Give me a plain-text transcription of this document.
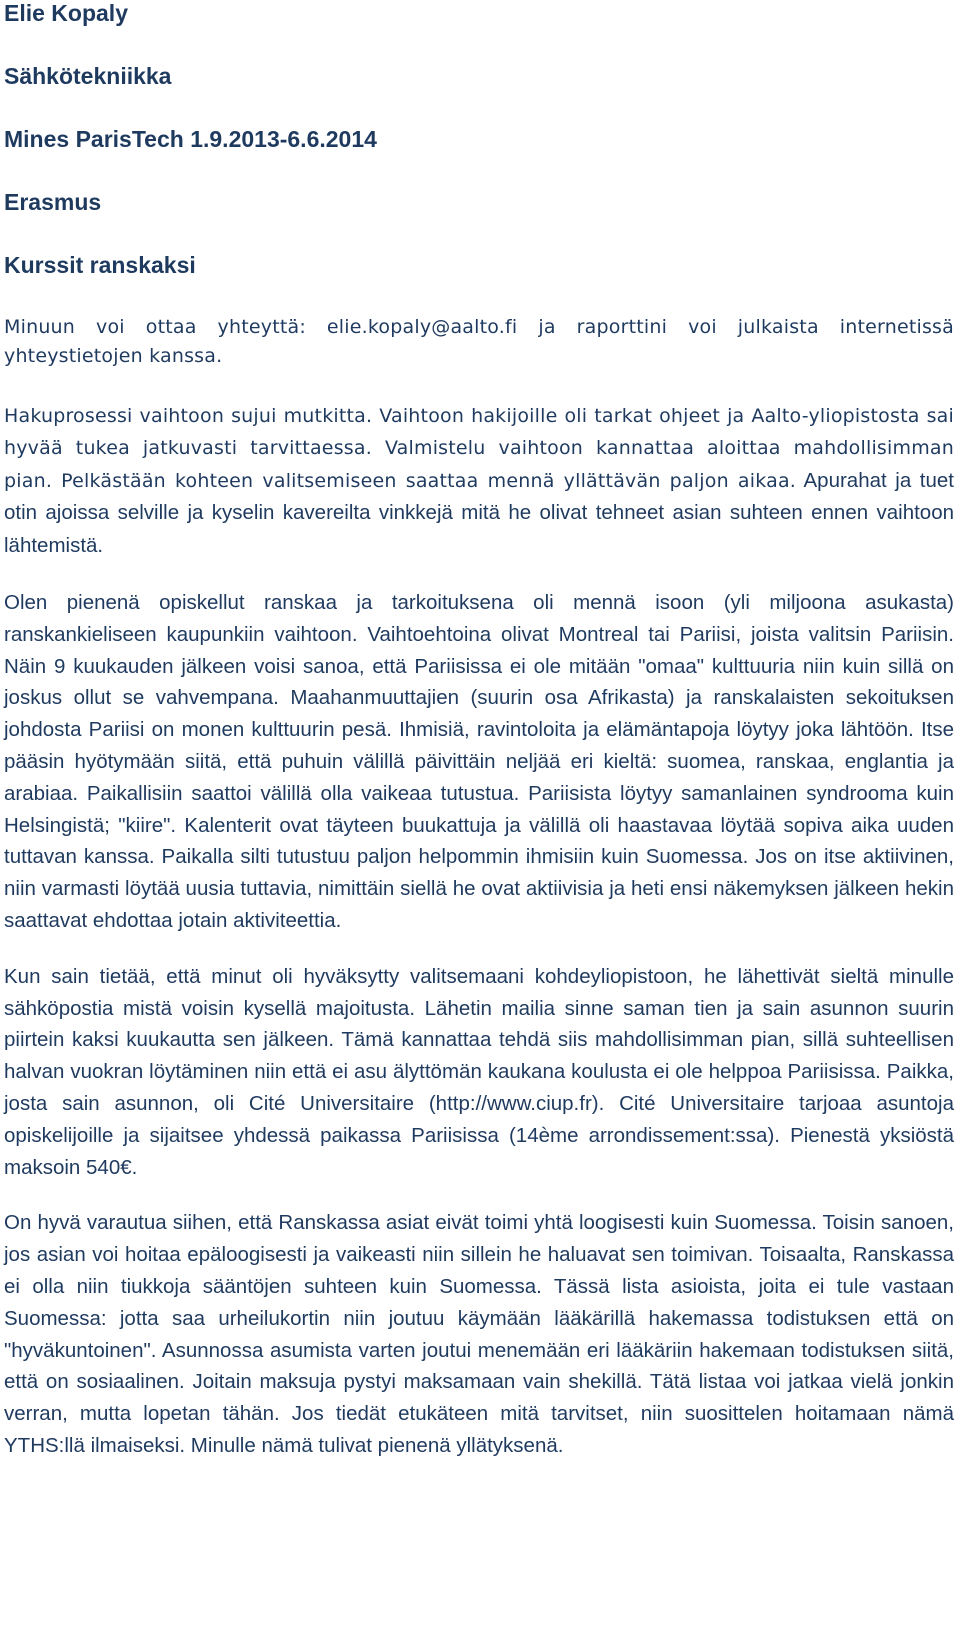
Elie Kopaly
Sähkötekniikka
Mines ParisTech 1.9.2013-6.6.2014
Erasmus
Kurssit ranskaksi

Minuun voi ottaa yhteyttä: elie.kopaly@aalto.fi ja raporttini voi julkaista internetissä yhteystietojen kanssa.

Hakuprosessi vaihtoon sujui mutkitta. Vaihtoon hakijoille oli tarkat ohjeet ja Aalto-yliopistosta sai hyvää tukea jatkuvasti tarvittaessa. Valmistelu vaihtoon kannattaa aloittaa mahdollisimman pian. Pelkästään kohteen valitsemiseen saattaa mennä yllättävän paljon aikaa. Apurahat ja tuet otin ajoissa selville ja kyselin kavereilta vinkkejä mitä he olivat tehneet asian suhteen ennen vaihtoon lähtemistä.

Olen pienenä opiskellut ranskaa ja tarkoituksena oli mennä isoon (yli miljoona asukasta) ranskankieliseen kaupunkiin vaihtoon. Vaihtoehtoina olivat Montreal tai Pariisi, joista valitsin Pariisin. Näin 9 kuukauden jälkeen voisi sanoa, että Pariisissa ei ole mitään "omaa" kulttuuria niin kuin sillä on joskus ollut se vahvempana. Maahanmuuttajien (suurin osa Afrikasta) ja ranskalaisten sekoituksen johdosta Pariisi on monen kulttuurin pesä. Ihmisiä, ravintoloita ja elämäntapoja löytyy joka lähtöön. Itse pääsin hyötymään siitä, että puhuin välillä päivittäin neljää eri kieltä: suomea, ranskaa, englantia ja arabiaa. Paikallisiin saattoi välillä olla vaikeaa tutustua. Pariisista löytyy samanlainen syndrooma kuin Helsingistä; "kiire". Kalenterit ovat täyteen buukattuja ja välillä oli haastavaa löytää sopiva aika uuden tuttavan kanssa. Paikalla silti tutustuu paljon helpommin ihmisiin kuin Suomessa. Jos on itse aktiivinen, niin varmasti löytää uusia tuttavia, nimittäin siellä he ovat aktiivisia ja heti ensi näkemyksen jälkeen hekin saattavat ehdottaa jotain aktiviteettia.

Kun sain tietää, että minut oli hyväksytty valitsemaani kohdeyliopistoon, he lähettivät sieltä minulle sähköpostia mistä voisin kysellä majoitusta. Lähetin mailia sinne saman tien ja sain asunnon suurin piirtein kaksi kuukautta sen jälkeen. Tämä kannattaa tehdä siis mahdollisimman pian, sillä suhteellisen halvan vuokran löytäminen niin että ei asu älyttömän kaukana koulusta ei ole helppoa Pariisissa. Paikka, josta sain asunnon, oli Cité Universitaire (http://www.ciup.fr). Cité Universitaire tarjoaa asuntoja opiskelijoille ja sijaitsee yhdessä paikassa Pariisissa (14ème arrondissement:ssa). Pienestä yksiöstä maksoin 540€.

On hyvä varautua siihen, että Ranskassa asiat eivät toimi yhtä loogisesti kuin Suomessa. Toisin sanoen, jos asian voi hoitaa epäloogisesti ja vaikeasti niin sillein he haluavat sen toimivan. Toisaalta, Ranskassa ei olla niin tiukkoja sääntöjen suhteen kuin Suomessa. Tässä lista asioista, joita ei tule vastaan Suomessa: jotta saa urheilukortin niin joutuu käymään lääkärillä hakemassa todistuksen että on "hyväkuntoinen". Asunnossa asumista varten joutui menemään eri lääkäriin hakemaan todistuksen siitä, että on sosiaalinen. Joitain maksuja pystyi maksamaan vain shekillä. Tätä listaa voi jatkaa vielä jonkin verran, mutta lopetan tähän. Jos tiedät etukäteen mitä tarvitset, niin suosittelen hoitamaan nämä YTHS:llä ilmaiseksi. Minulle nämä tulivat pienenä yllätyksenä.
